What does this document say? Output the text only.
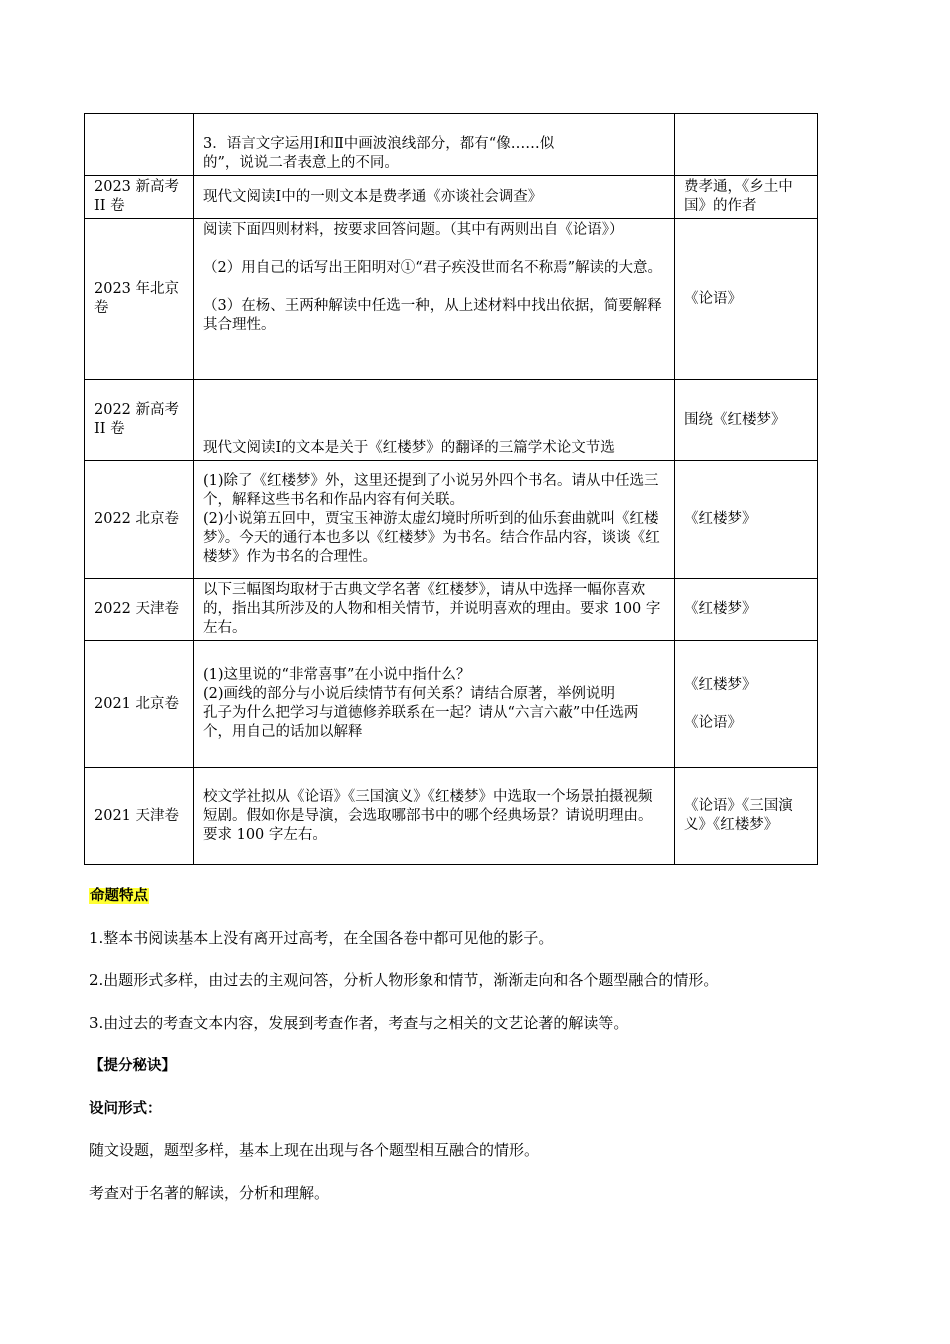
	3．语言文字运用Ⅰ和Ⅱ中画波浪线部分，都有“像……似
的”，说说二者表意上的不同。	

2023 新高考 II 卷	现代文阅读Ⅰ中的一则文本是费孝通《亦谈社会调查》	费孝通，《乡土中国》的作者

2023 年北京卷	阅读下面四则材料，按要求回答问题。（其中有两则出自《论语》）
（2）用自己的话写出王阳明对①“君子疾没世而名不称焉”解读的大意。
（3）在杨、王两种解读中任选一种，从上述材料中找出依据，简要解释其合理性。	《论语》

2022 新高考 II 卷	现代文阅读Ⅰ的文本是关于《红楼梦》的翻译的三篇学术论文节选	围绕《红楼梦》

2022 北京卷	(1)除了《红楼梦》外，这里还提到了小说另外四个书名。请从中任选三个，解释这些书名和作品内容有何关联。
(2)小说第五回中，贾宝玉神游太虚幻境时所听到的仙乐套曲就叫《红楼梦》。今天的通行本也多以《红楼梦》为书名。结合作品内容，谈谈《红楼梦》作为书名的合理性。	《红楼梦》

2022 天津卷	以下三幅图均取材于古典文学名著《红楼梦》，请从中选择一幅你喜欢的，指出其所涉及的人物和相关情节，并说明喜欢的理由。要求 100 字左右。	《红楼梦》

2021 北京卷	(1)这里说的“非常喜事”在小说中指什么？
(2)画线的部分与小说后续情节有何关系？请结合原著，举例说明
孔子为什么把学习与道德修养联系在一起？请从“六言六蔽”中任选两个，用自己的话加以解释	《红楼梦》
《论语》

2021 天津卷	校文学社拟从《论语》《三国演义》《红楼梦》中选取一个场景拍摄视频短剧。假如你是导演，会选取哪部书中的哪个经典场景？请说明理由。要求 100 字左右。	《论语》《三国演义》《红楼梦》
命题特点
1.整本书阅读基本上没有离开过高考，在全国各卷中都可见他的影子。
2.出题形式多样，由过去的主观问答，分析人物形象和情节，渐渐走向和各个题型融合的情形。
3.由过去的考查文本内容，发展到考查作者，考查与之相关的文艺论著的解读等。
【提分秘诀】
设问形式：
随文设题，题型多样，基本上现在出现与各个题型相互融合的情形。
考查对于名著的解读，分析和理解。
